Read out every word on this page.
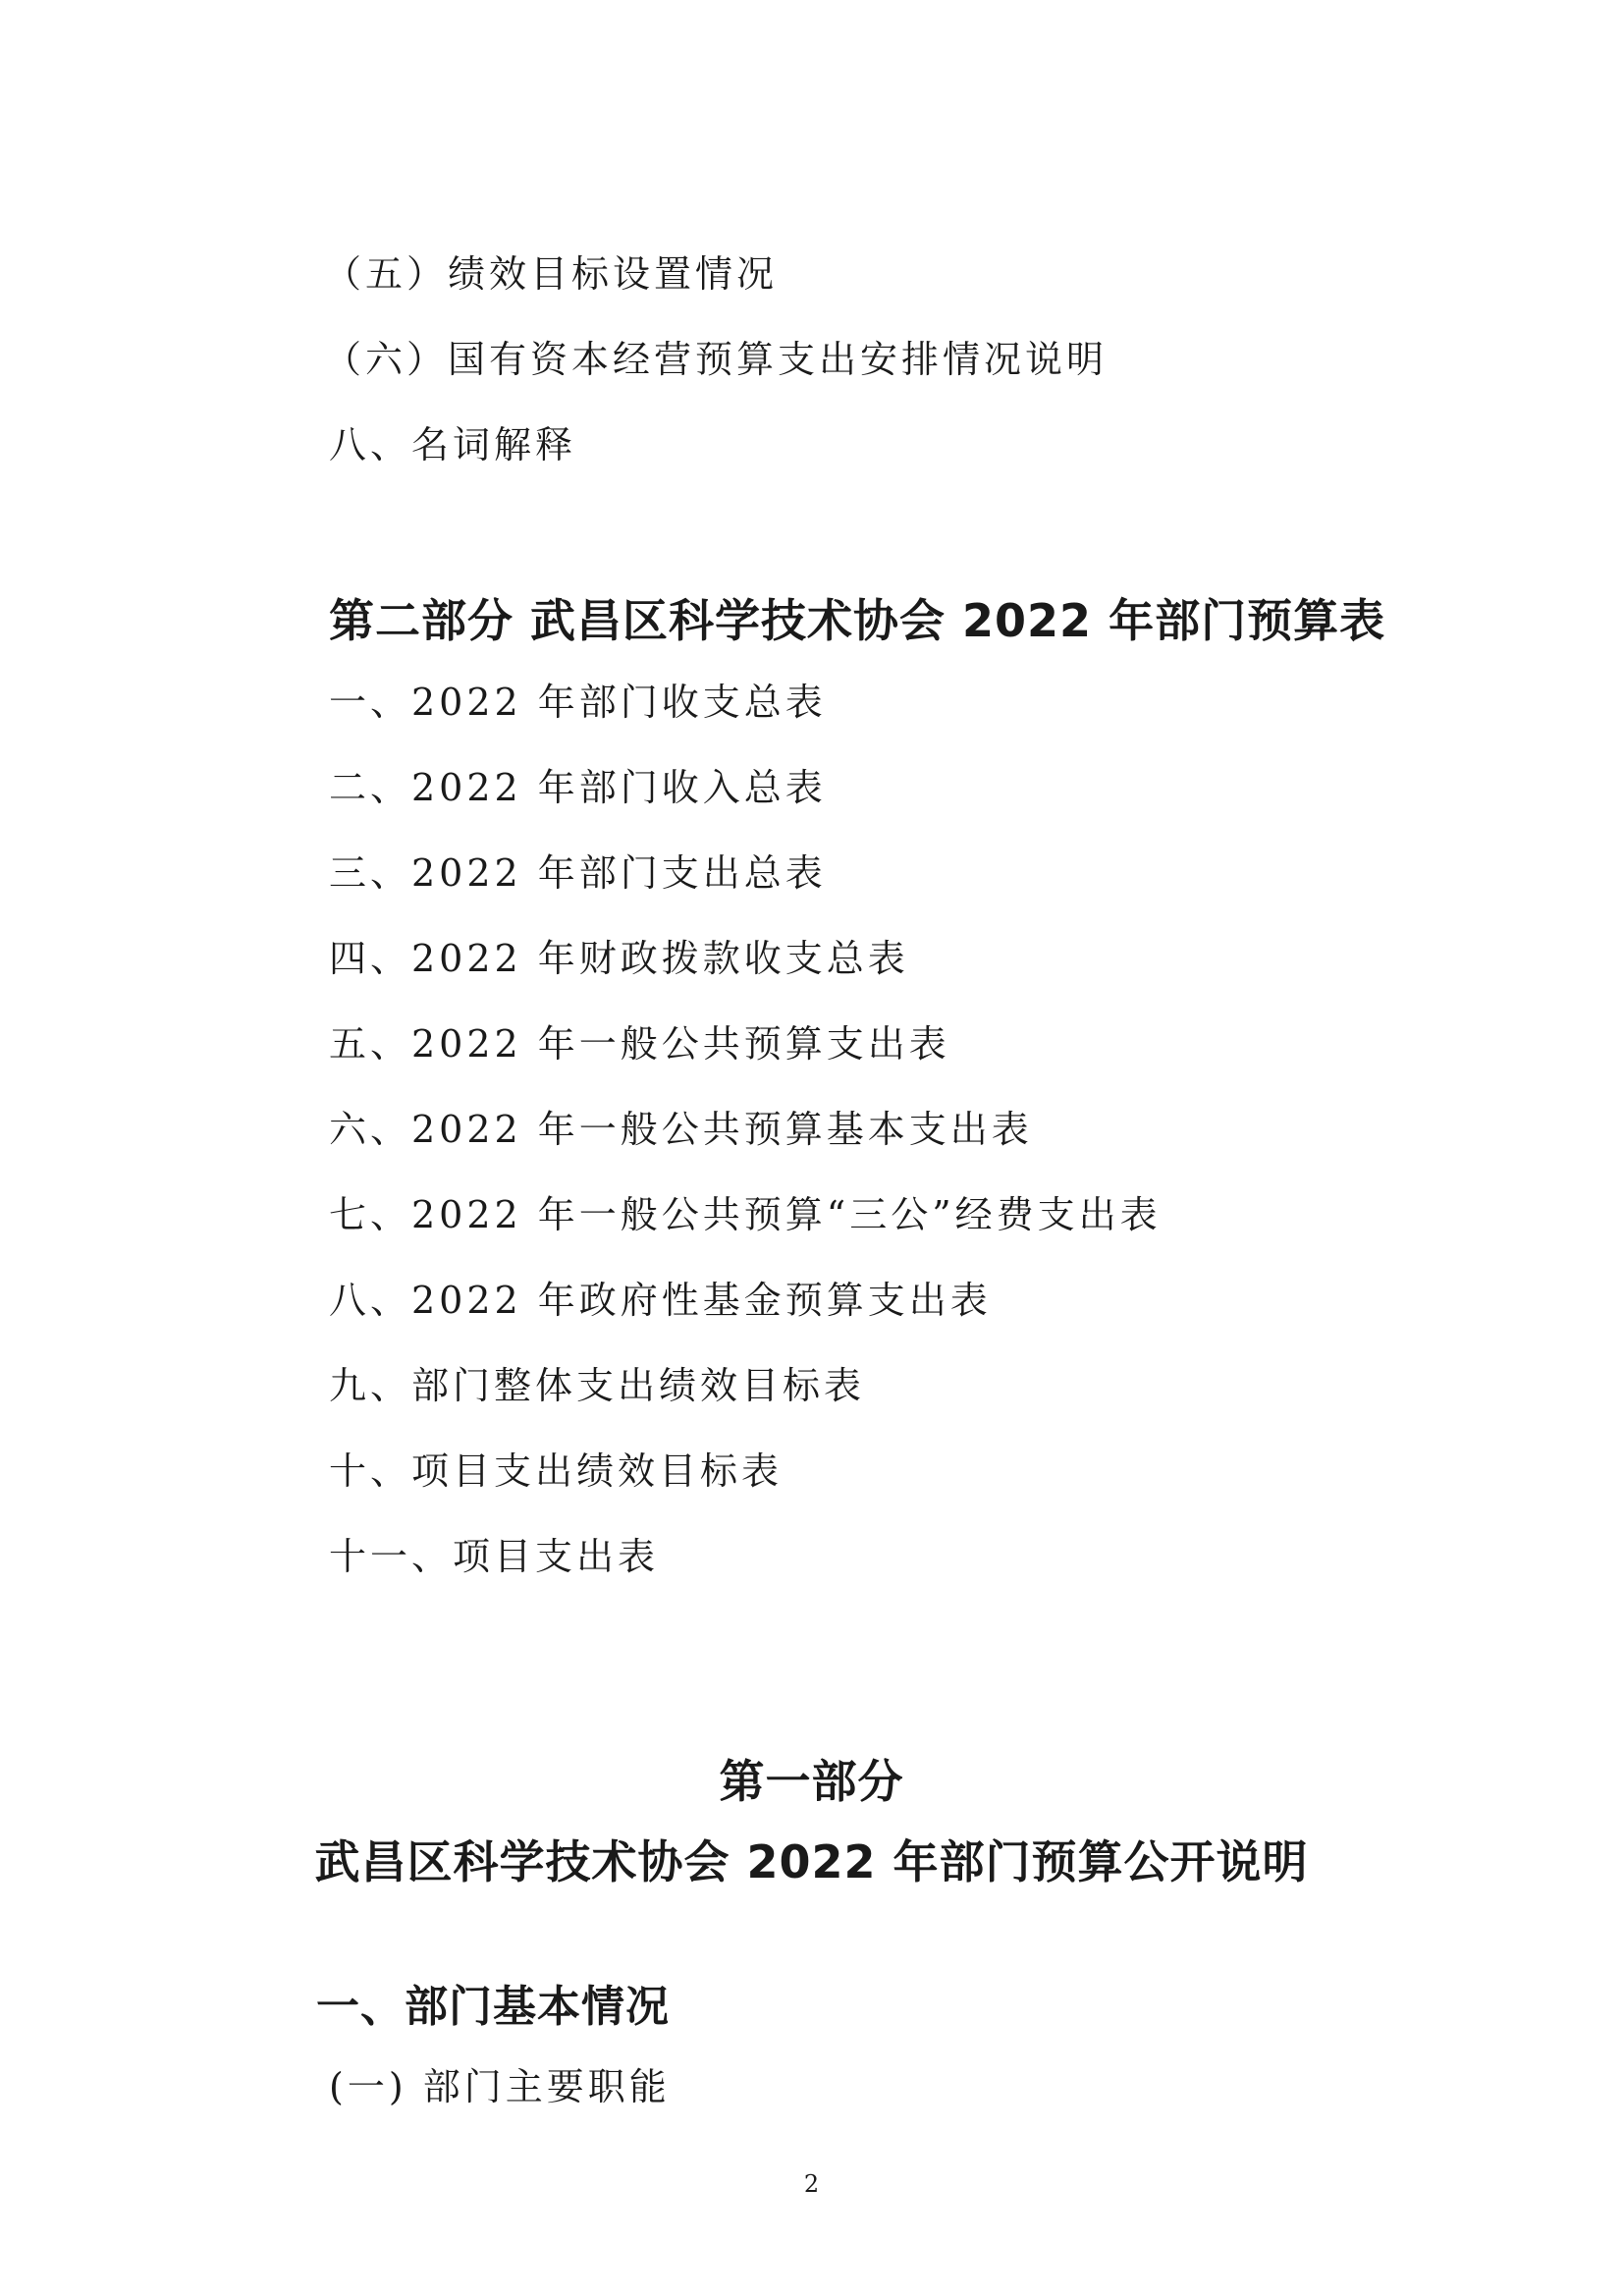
（五）绩效目标设置情况
（六）国有资本经营预算支出安排情况说明
八、名词解释
第二部分 武昌区科学技术协会 2022 年部门预算表
一、2022 年部门收支总表
二、2022 年部门收入总表
三、2022 年部门支出总表
四、2022 年财政拨款收支总表
五、2022 年一般公共预算支出表
六、2022 年一般公共预算基本支出表
七、2022 年一般公共预算“三公”经费支出表
八、2022 年政府性基金预算支出表
九、部门整体支出绩效目标表
十、项目支出绩效目标表
十一、项目支出表
第一部分
武昌区科学技术协会 2022 年部门预算公开说明
一、部门基本情况
(一) 部门主要职能
2
